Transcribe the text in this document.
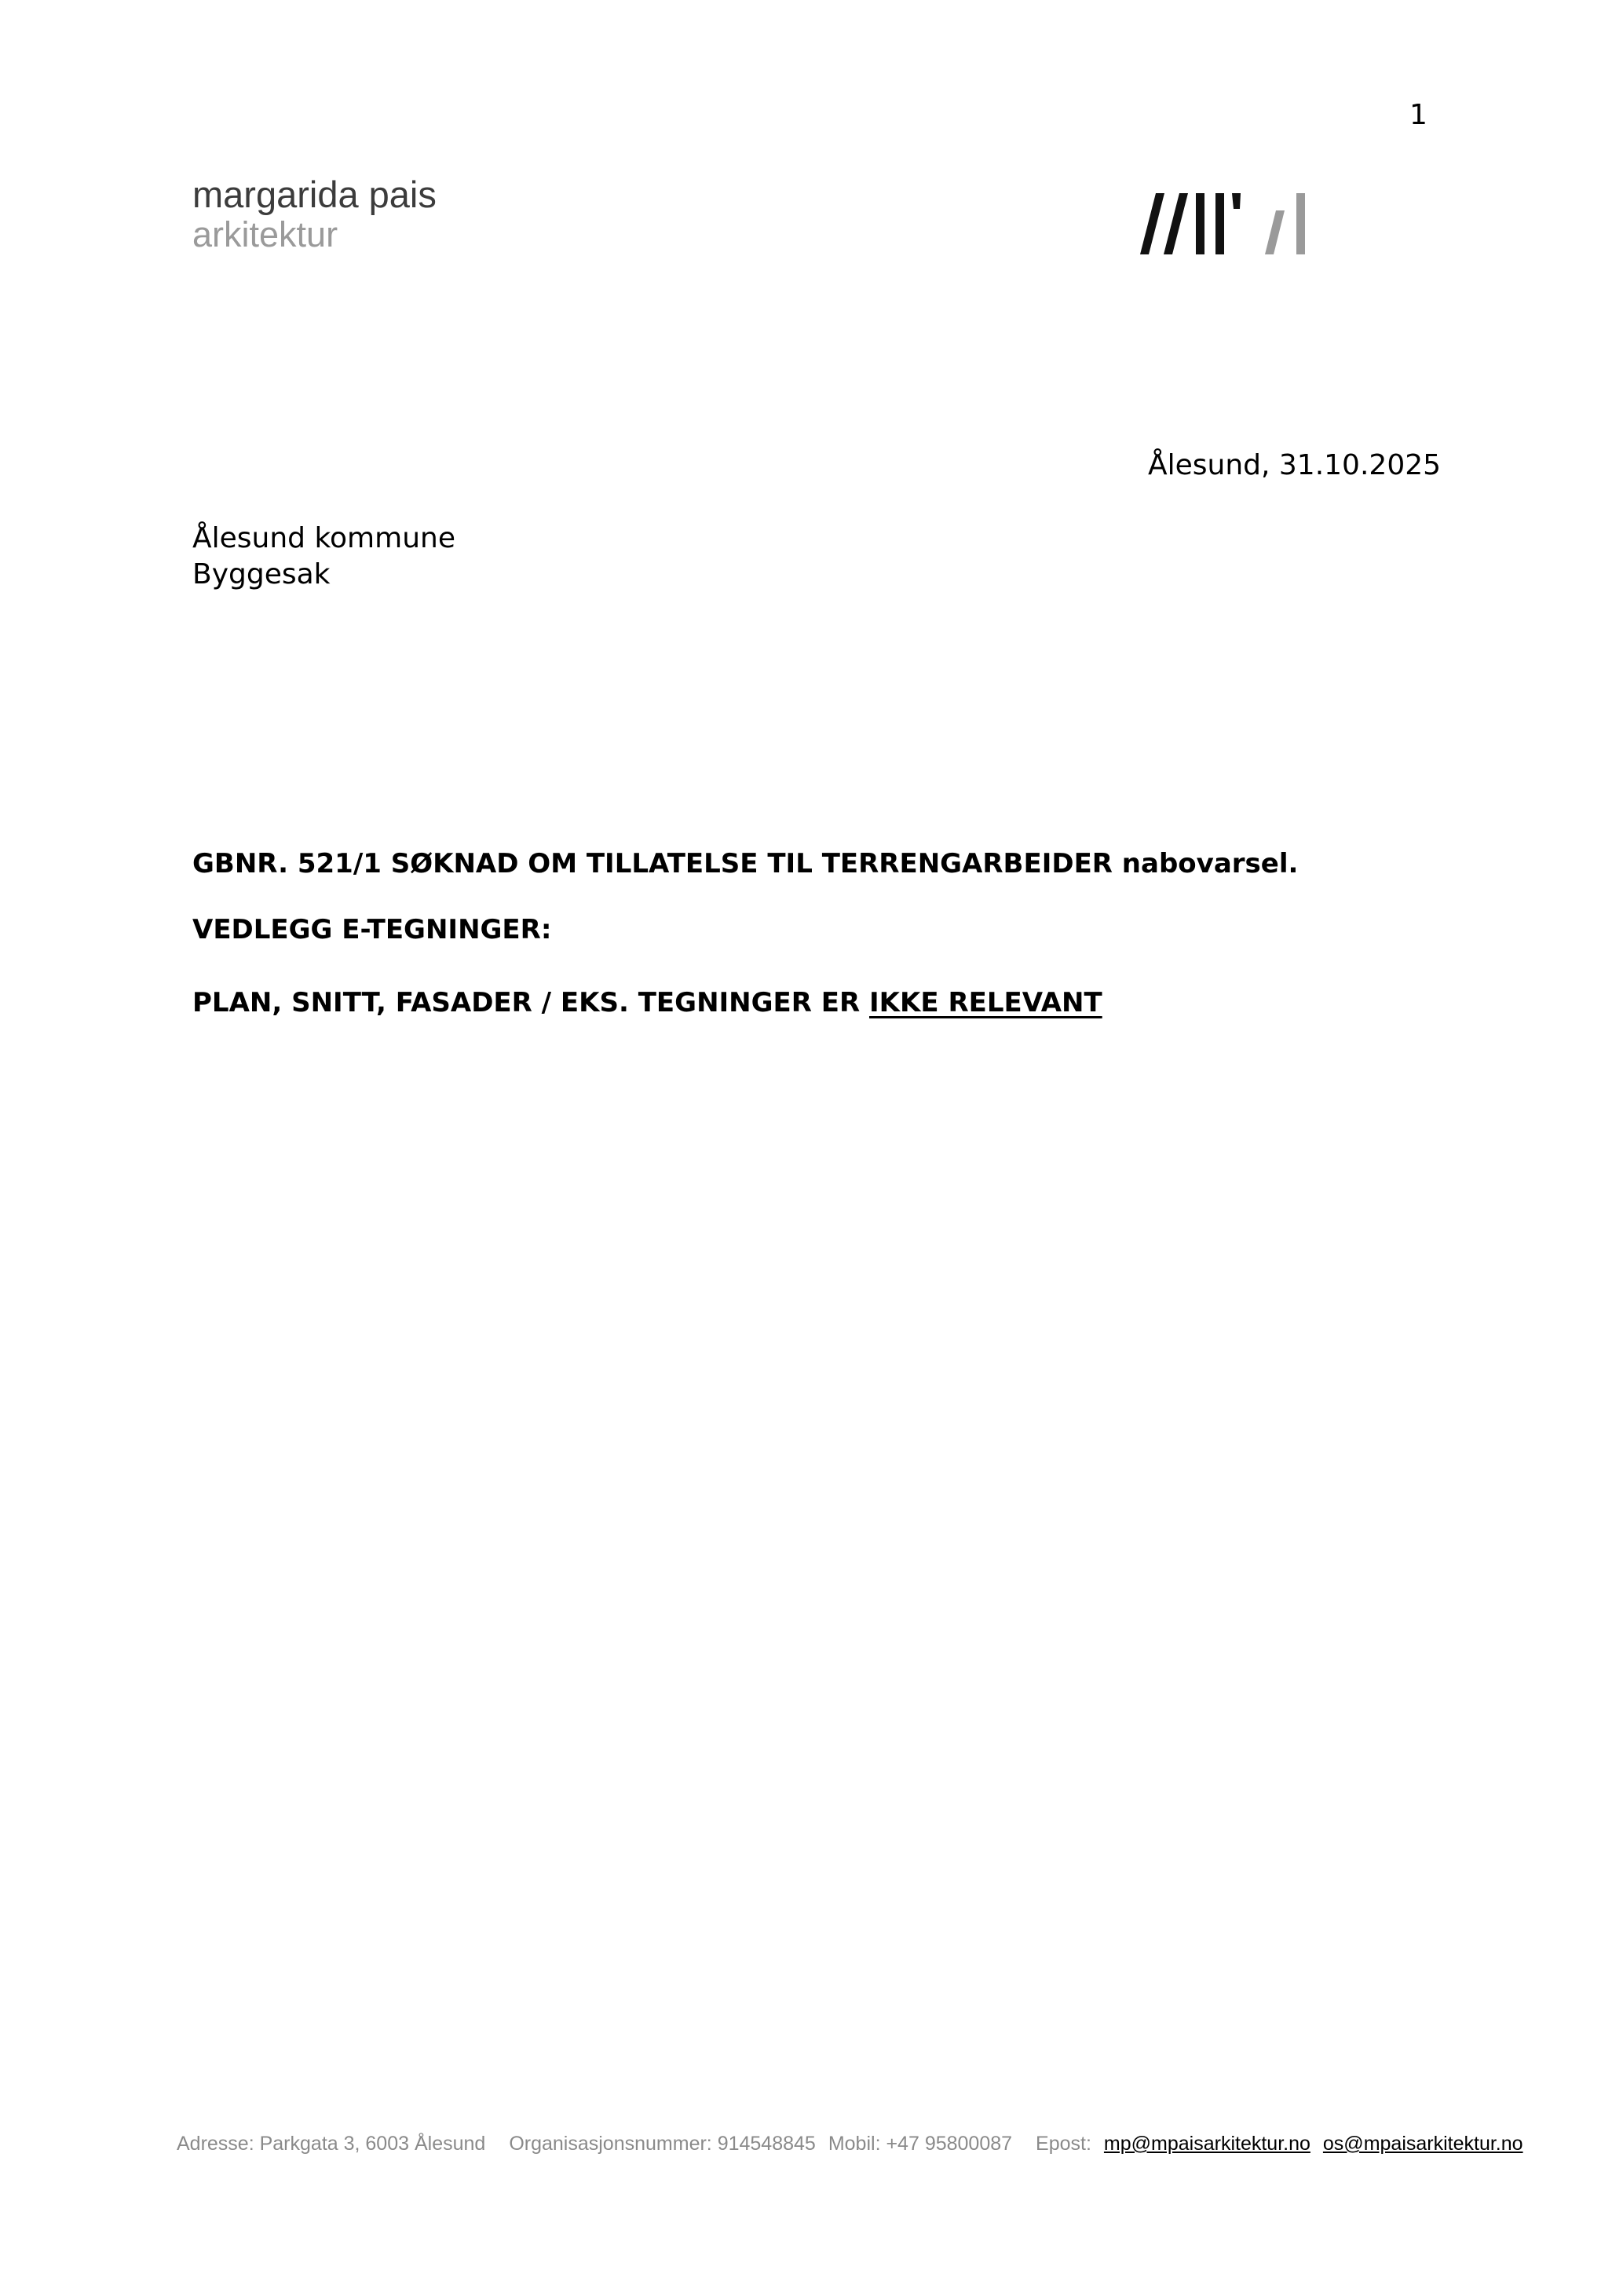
1
margarida pais
arkitektur
Ålesund, 31.10.2025
Ålesund kommune
Byggesak
GBNR. 521/1 SØKNAD OM TILLATELSE TIL TERRENGARBEIDER nabovarsel.
VEDLEGG E-TEGNINGER:
PLAN, SNITT, FASADER / EKS. TEGNINGER ER IKKE RELEVANT
Adresse: Parkgata 3, 6003 Ålesund Organisasjonsnummer: 914548845 Mobil: +47 95800087 Epost: mp@mpaisarkitektur.no os@mpaisarkitektur.no
